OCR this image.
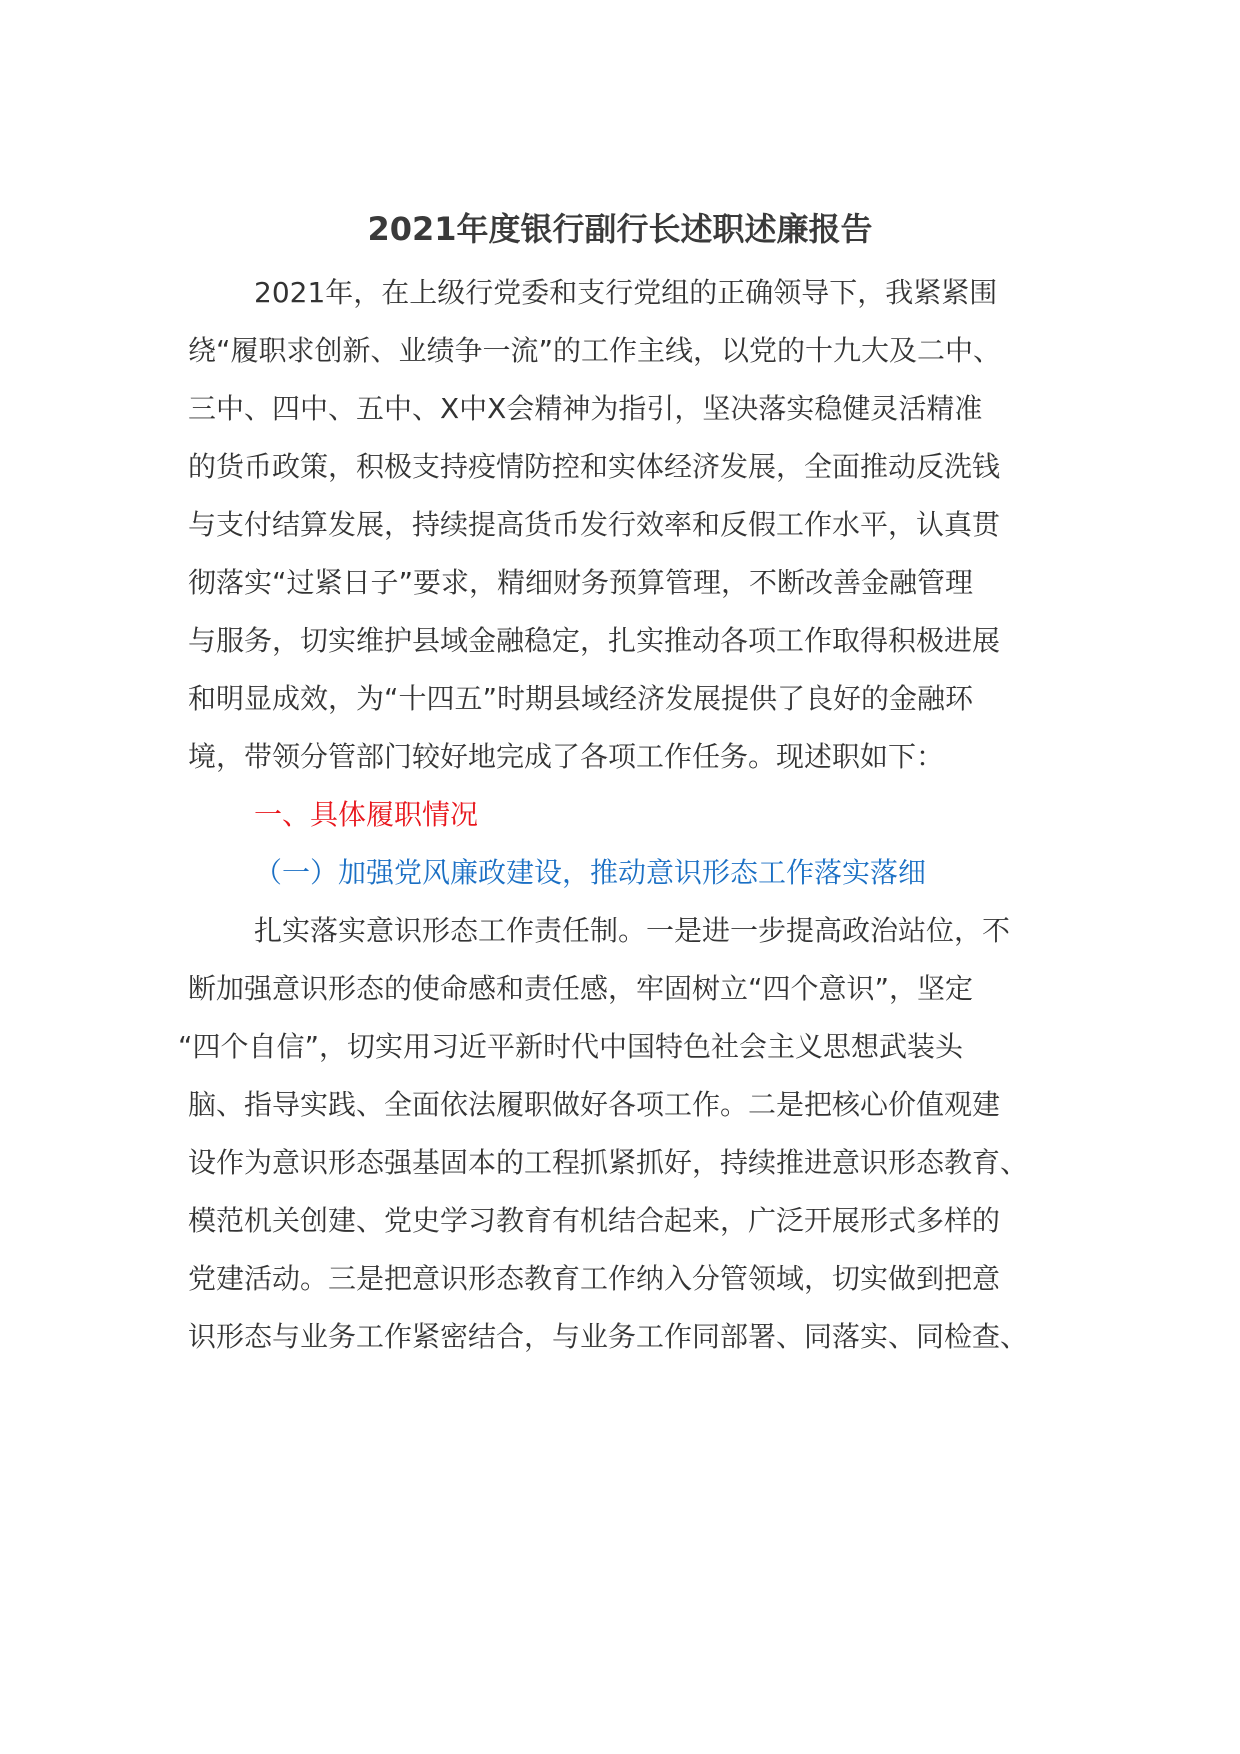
2021年度银行副行长述职述廉报告
2021年，在上级行党委和支行党组的正确领导下，我紧紧围
绕“履职求创新、业绩争一流”的工作主线，以党的十九大及二中、
三中、四中、五中、X中X会精神为指引，坚决落实稳健灵活精准
的货币政策，积极支持疫情防控和实体经济发展，全面推动反洗钱
与支付结算发展，持续提高货币发行效率和反假工作水平，认真贯
彻落实“过紧日子”要求，精细财务预算管理，不断改善金融管理
与服务，切实维护县域金融稳定，扎实推动各项工作取得积极进展
和明显成效，为“十四五”时期县域经济发展提供了良好的金融环
境，带领分管部门较好地完成了各项工作任务。现述职如下：
一、具体履职情况
（一）加强党风廉政建设，推动意识形态工作落实落细
扎实落实意识形态工作责任制。一是进一步提高政治站位，不
断加强意识形态的使命感和责任感，牢固树立“四个意识”，坚定
“四个自信”，切实用习近平新时代中国特色社会主义思想武装头
脑、指导实践、全面依法履职做好各项工作。二是把核心价值观建
设作为意识形态强基固本的工程抓紧抓好，持续推进意识形态教育、
模范机关创建、党史学习教育有机结合起来，广泛开展形式多样的
党建活动。三是把意识形态教育工作纳入分管领域，切实做到把意
识形态与业务工作紧密结合，与业务工作同部署、同落实、同检查、
